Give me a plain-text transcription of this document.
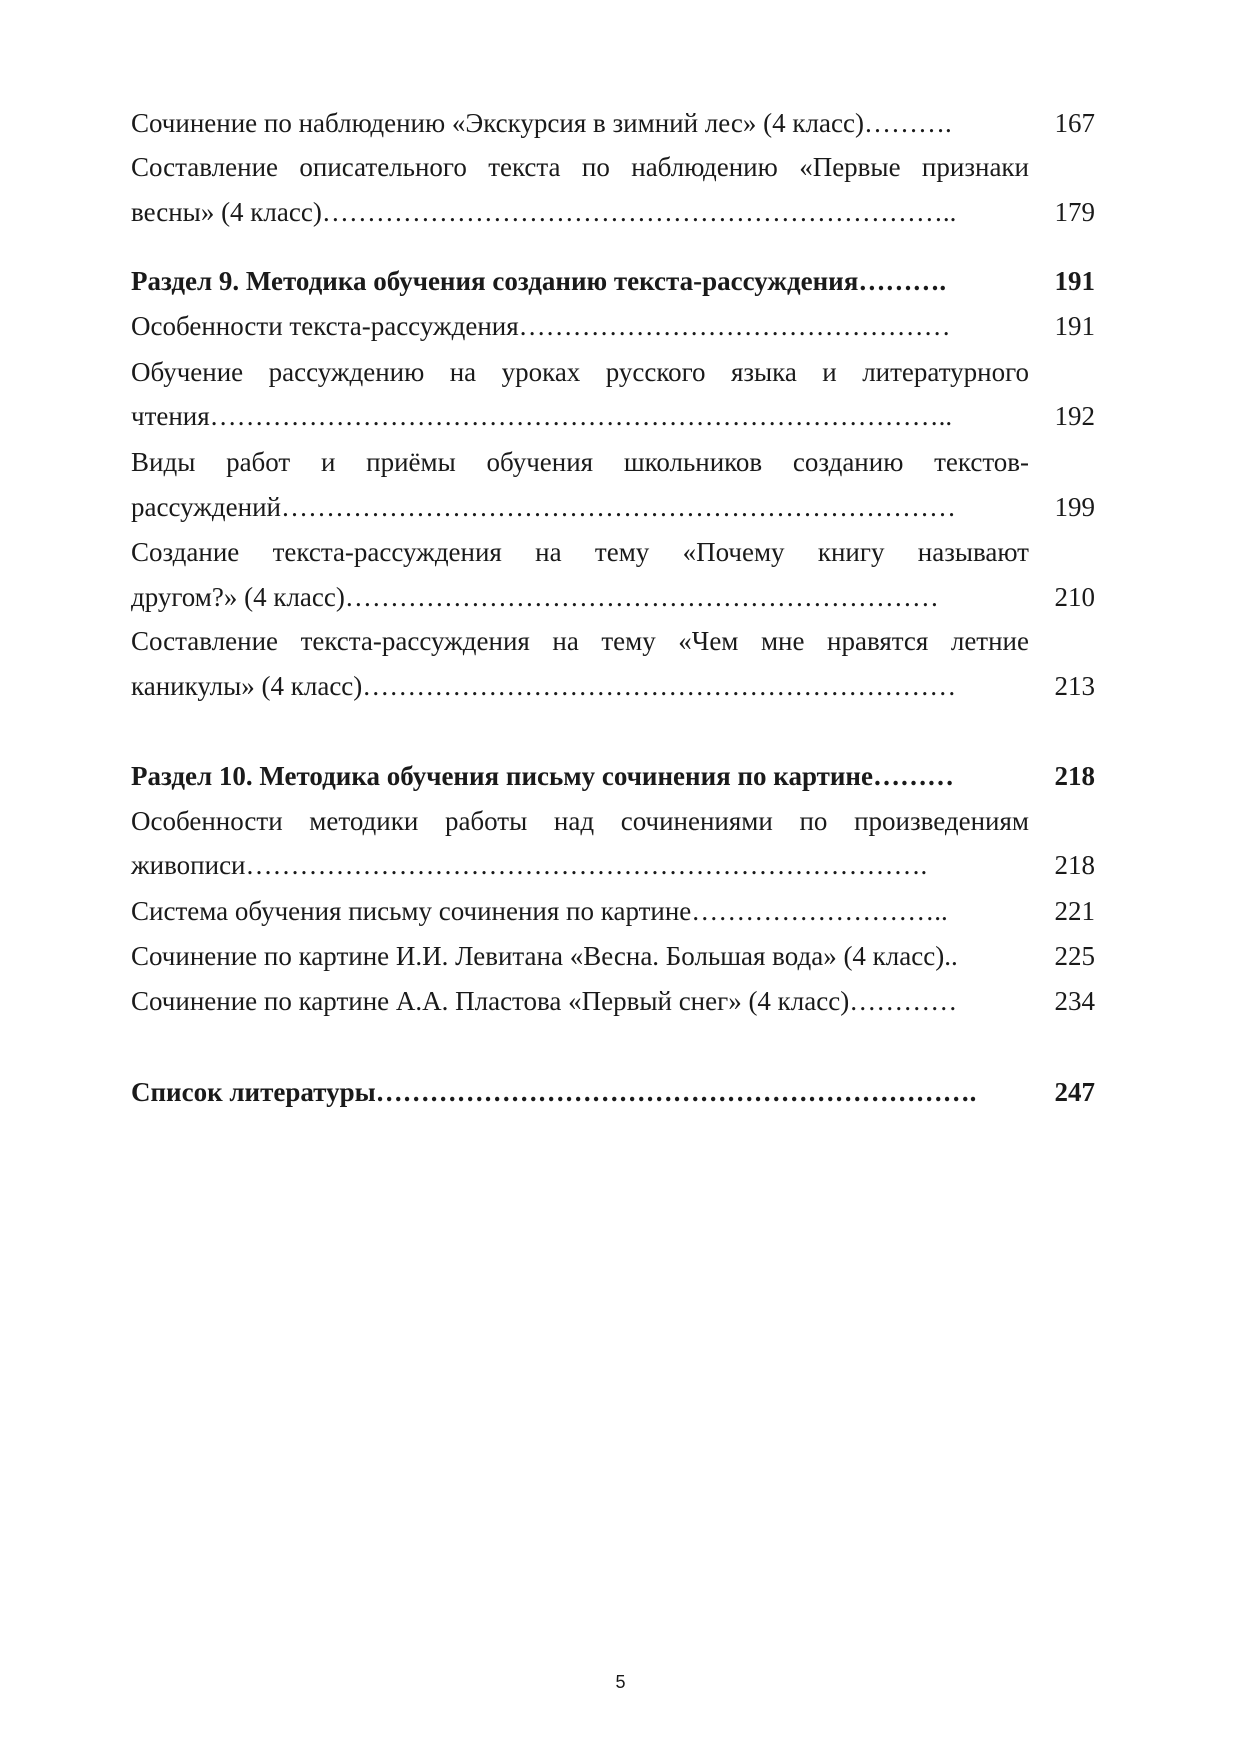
Сочинение по наблюдению «Экскурсия в зимний лес» (4 класс)……….	167
Составление описательного текста по наблюдению «Первые признаки
весны» (4 класс)……………………………………………………………..	179
Раздел 9. Методика обучения созданию текста-рассуждения……….	191
Особенности текста-рассуждения…………………………………………	191
Обучение рассуждению на уроках русского языка и литературного
чтения………………………………………………………………………..	192
Виды работ и приёмы обучения школьников созданию текстов-
рассуждений…………………………………………………………………	199
Создание текста-рассуждения на тему «Почему книгу называют
другом?» (4 класс)…………………………………………………………	210
Составление текста-рассуждения на тему «Чем мне нравятся летние
каникулы» (4 класс)…………………………………………………………	213
Раздел 10. Методика обучения письму сочинения по картине………	218
Особенности методики работы над сочинениями по произведениям
живописи………………………………………………………………….	218
Система обучения письму сочинения по картине………………………..	221
Сочинение по картине И.И. Левитана «Весна. Большая вода» (4 класс)..	225
Сочинение по картине А.А. Пластова «Первый снег» (4 класс)…………	234
Список литературы………………………………………………………….	247
5
